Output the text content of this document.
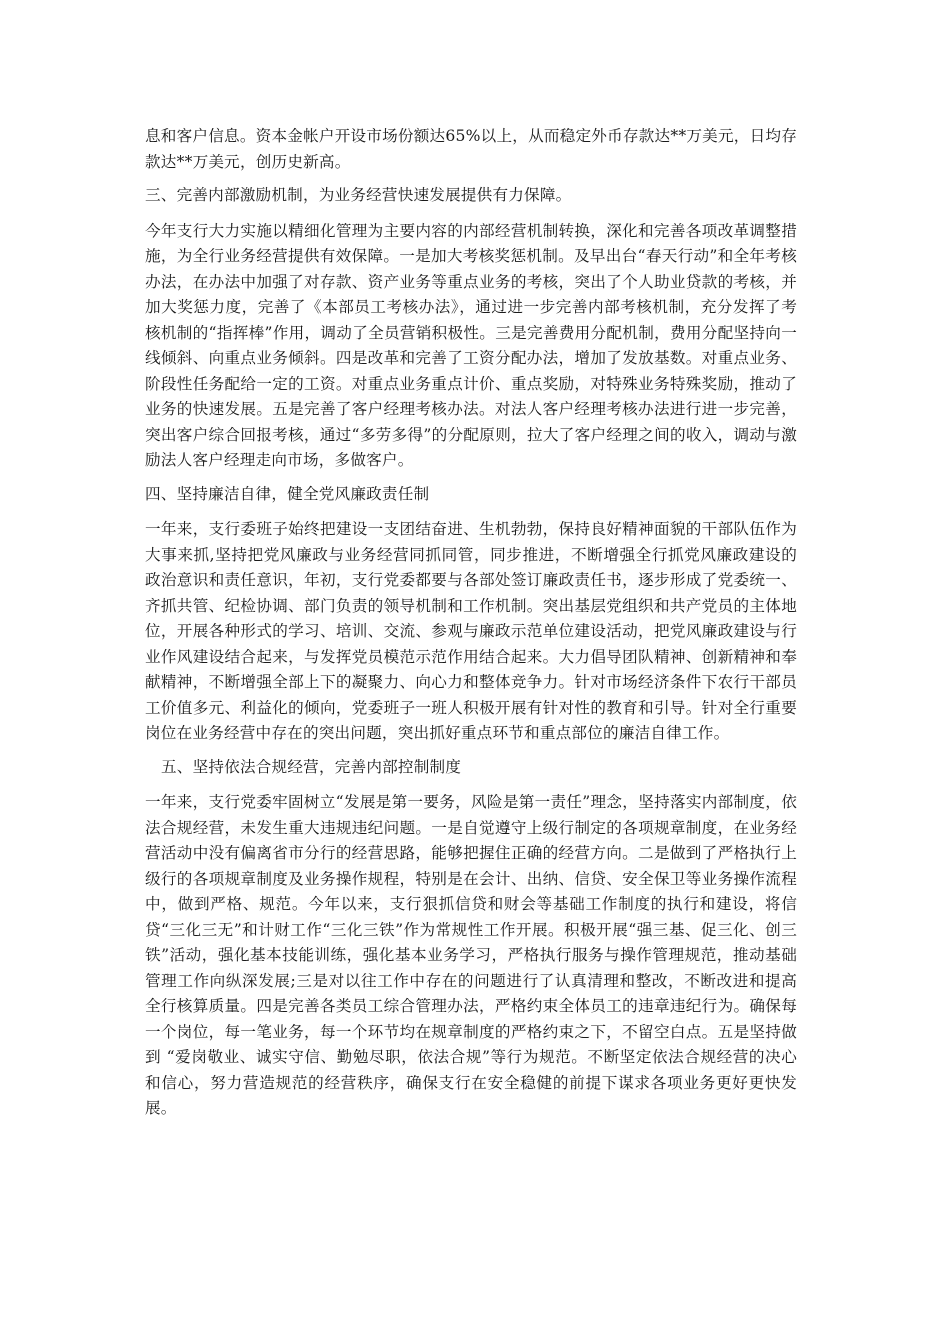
息和客户信息。资本金帐户开设市场份额达65%以上，从而稳定外币存款达**万美元，日均存款达**万美元，创历史新高。

三、完善内部激励机制，为业务经营快速发展提供有力保障。

今年支行大力实施以精细化管理为主要内容的内部经营机制转换，深化和完善各项改革调整措施，为全行业务经营提供有效保障。一是加大考核奖惩机制。及早出台“春天行动”和全年考核办法，在办法中加强了对存款、资产业务等重点业务的考核，突出了个人助业贷款的考核，并加大奖惩力度，完善了《本部员工考核办法》，通过进一步完善内部考核机制，充分发挥了考核机制的“指挥棒”作用，调动了全员营销积极性。三是完善费用分配机制，费用分配坚持向一线倾斜、向重点业务倾斜。四是改革和完善了工资分配办法，增加了发放基数。对重点业务、阶段性任务配给一定的工资。对重点业务重点计价、重点奖励，对特殊业务特殊奖励，推动了业务的快速发展。五是完善了客户经理考核办法。对法人客户经理考核办法进行进一步完善，突出客户综合回报考核，通过“多劳多得”的分配原则，拉大了客户经理之间的收入，调动与激励法人客户经理走向市场，多做客户。

四、坚持廉洁自律，健全党风廉政责任制

一年来，支行委班子始终把建设一支团结奋进、生机勃勃，保持良好精神面貌的干部队伍作为大事来抓,坚持把党风廉政与业务经营同抓同管，同步推进，不断增强全行抓党风廉政建设的政治意识和责任意识，年初，支行党委都要与各部处签订廉政责任书，逐步形成了党委统一、齐抓共管、纪检协调、部门负责的领导机制和工作机制。突出基层党组织和共产党员的主体地位，开展各种形式的学习、培训、交流、参观与廉政示范单位建设活动，把党风廉政建设与行业作风建设结合起来，与发挥党员模范示范作用结合起来。大力倡导团队精神、创新精神和奉献精神，不断增强全部上下的凝聚力、向心力和整体竞争力。针对市场经济条件下农行干部员工价值多元、利益化的倾向，党委班子一班人积极开展有针对性的教育和引导。针对全行重要岗位在业务经营中存在的突出问题，突出抓好重点环节和重点部位的廉洁自律工作。

五、坚持依法合规经营，完善内部控制制度

一年来，支行党委牢固树立“发展是第一要务，风险是第一责任”理念，坚持落实内部制度，依法合规经营，未发生重大违规违纪问题。一是自觉遵守上级行制定的各项规章制度，在业务经营活动中没有偏离省市分行的经营思路，能够把握住正确的经营方向。二是做到了严格执行上级行的各项规章制度及业务操作规程，特别是在会计、出纳、信贷、安全保卫等业务操作流程中，做到严格、规范。今年以来，支行狠抓信贷和财会等基础工作制度的执行和建设，将信贷“三化三无”和计财工作“三化三铁”作为常规性工作开展。积极开展“强三基、促三化、创三铁”活动，强化基本技能训练，强化基本业务学习，严格执行服务与操作管理规范，推动基础管理工作向纵深发展;三是对以往工作中存在的问题进行了认真清理和整改，不断改进和提高全行核算质量。四是完善各类员工综合管理办法，严格约束全体员工的违章违纪行为。确保每一个岗位，每一笔业务，每一个环节均在规章制度的严格约束之下，不留空白点。五是坚持做到 “爱岗敬业、诚实守信、勤勉尽职，依法合规”等行为规范。不断坚定依法合规经营的决心和信心，努力营造规范的经营秩序，确保支行在安全稳健的前提下谋求各项业务更好更快发展。
